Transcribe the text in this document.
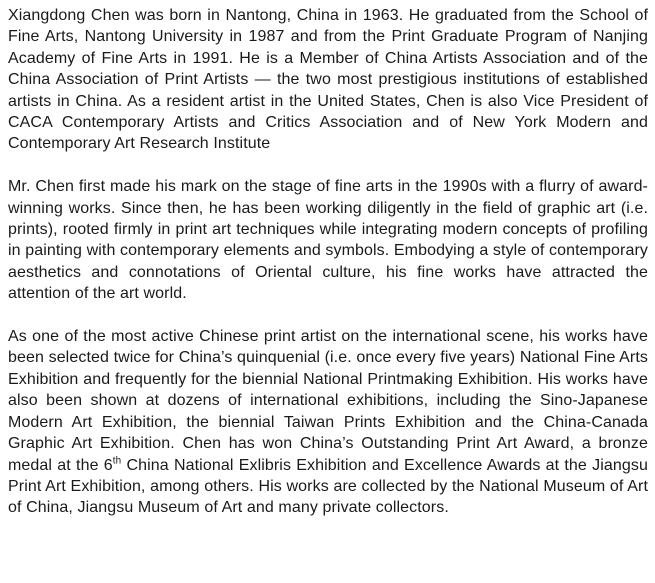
Xiangdong Chen was born in Nantong, China in 1963. He graduated from the School of Fine Arts, Nantong University in 1987 and from the Print Graduate Program of Nanjing Academy of Fine Arts in 1991. He is a Member of China Artists Association and of the China Association of Print Artists — the two most prestigious institutions of established artists in China. As a resident artist in the United States, Chen is also Vice President of CACA Contemporary Artists and Critics Association and of New York Modern and Contemporary Art Research Institute

Mr. Chen first made his mark on the stage of fine arts in the 1990s with a flurry of award-winning works. Since then, he has been working diligently in the field of graphic art (i.e. prints), rooted firmly in print art techniques while integrating modern concepts of profiling in painting with contemporary elements and symbols. Embodying a style of contemporary aesthetics and connotations of Oriental culture, his fine works have attracted the attention of the art world.

As one of the most active Chinese print artist on the international scene, his works have been selected twice for China’s quinquenial (i.e. once every five years) National Fine Arts Exhibition and frequently for the biennial National Printmaking Exhibition. His works have also been shown at dozens of international exhibitions, including the Sino-Japanese Modern Art Exhibition, the biennial Taiwan Prints Exhibition and the China-Canada Graphic Art Exhibition. Chen has won China’s Outstanding Print Art Award, a bronze medal at the 6th China National Exlibris Exhibition and Excellence Awards at the Jiangsu Print Art Exhibition, among others. His works are collected by the National Museum of Art of China, Jiangsu Museum of Art and many private collectors.
